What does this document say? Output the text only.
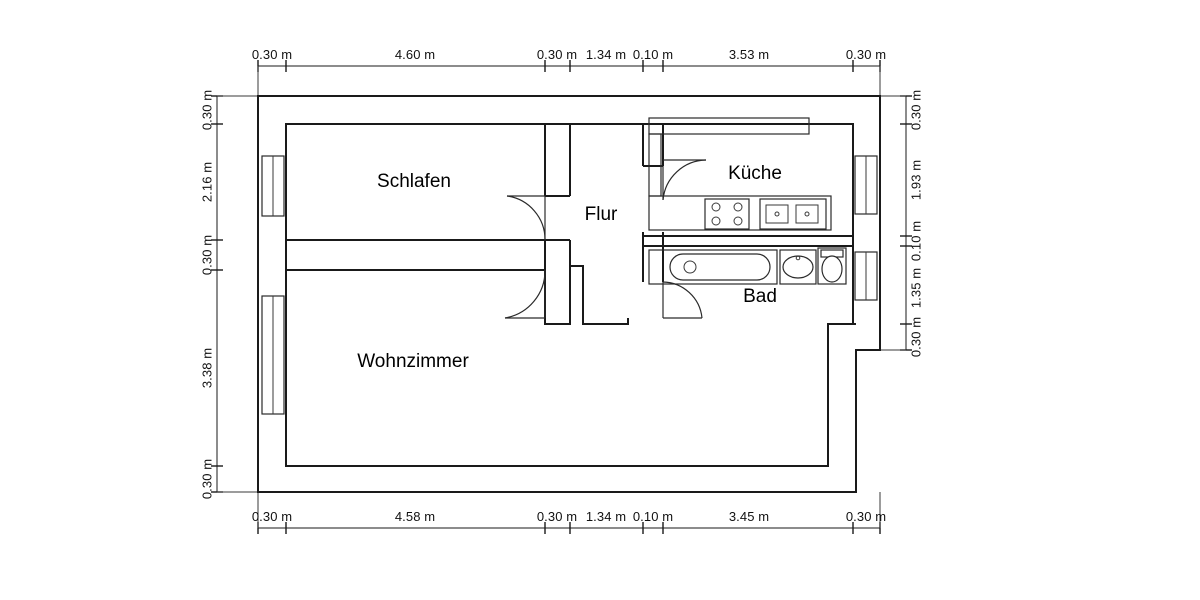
0.30 m	4.60 m	0.30 m 1.34 m 0.10 m	3.53 m	0.30 m
0.30 m	4.58 m	0.30 m 1.34 m 0.10 m	3.45 m	0.30 m
0.30 m
2.16 m
0.30 m
3.38 m
0.30 m
0.30 m
1.93 m
0.10 m
1.35 m
0.30 m
Schlafen
Flur
Küche
Bad
Wohnzimmer
